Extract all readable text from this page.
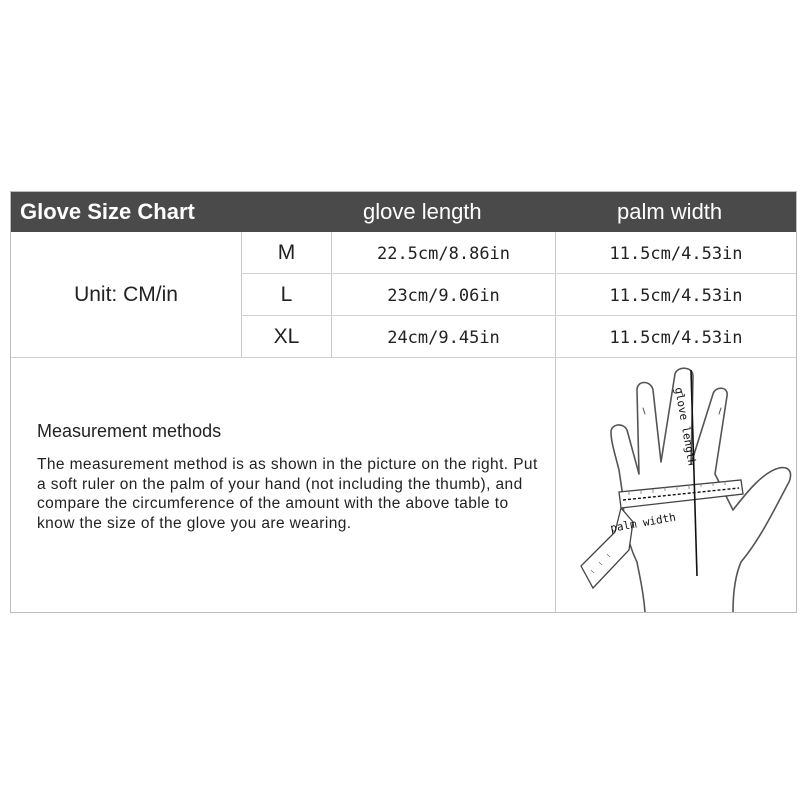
Glove Size Chart	glove length	palm width
Unit: CM/in
M	22.5cm/8.86in	11.5cm/4.53in
L	23cm/9.06in	11.5cm/4.53in
XL	24cm/9.45in	11.5cm/4.53in
Measurement methods
The measurement method is as shown in the picture on the right. Put a soft ruler on the palm of your hand (not including the thumb), and compare the circumference of the amount with the above table to know the size of the glove you are wearing.
glove length
palm width
